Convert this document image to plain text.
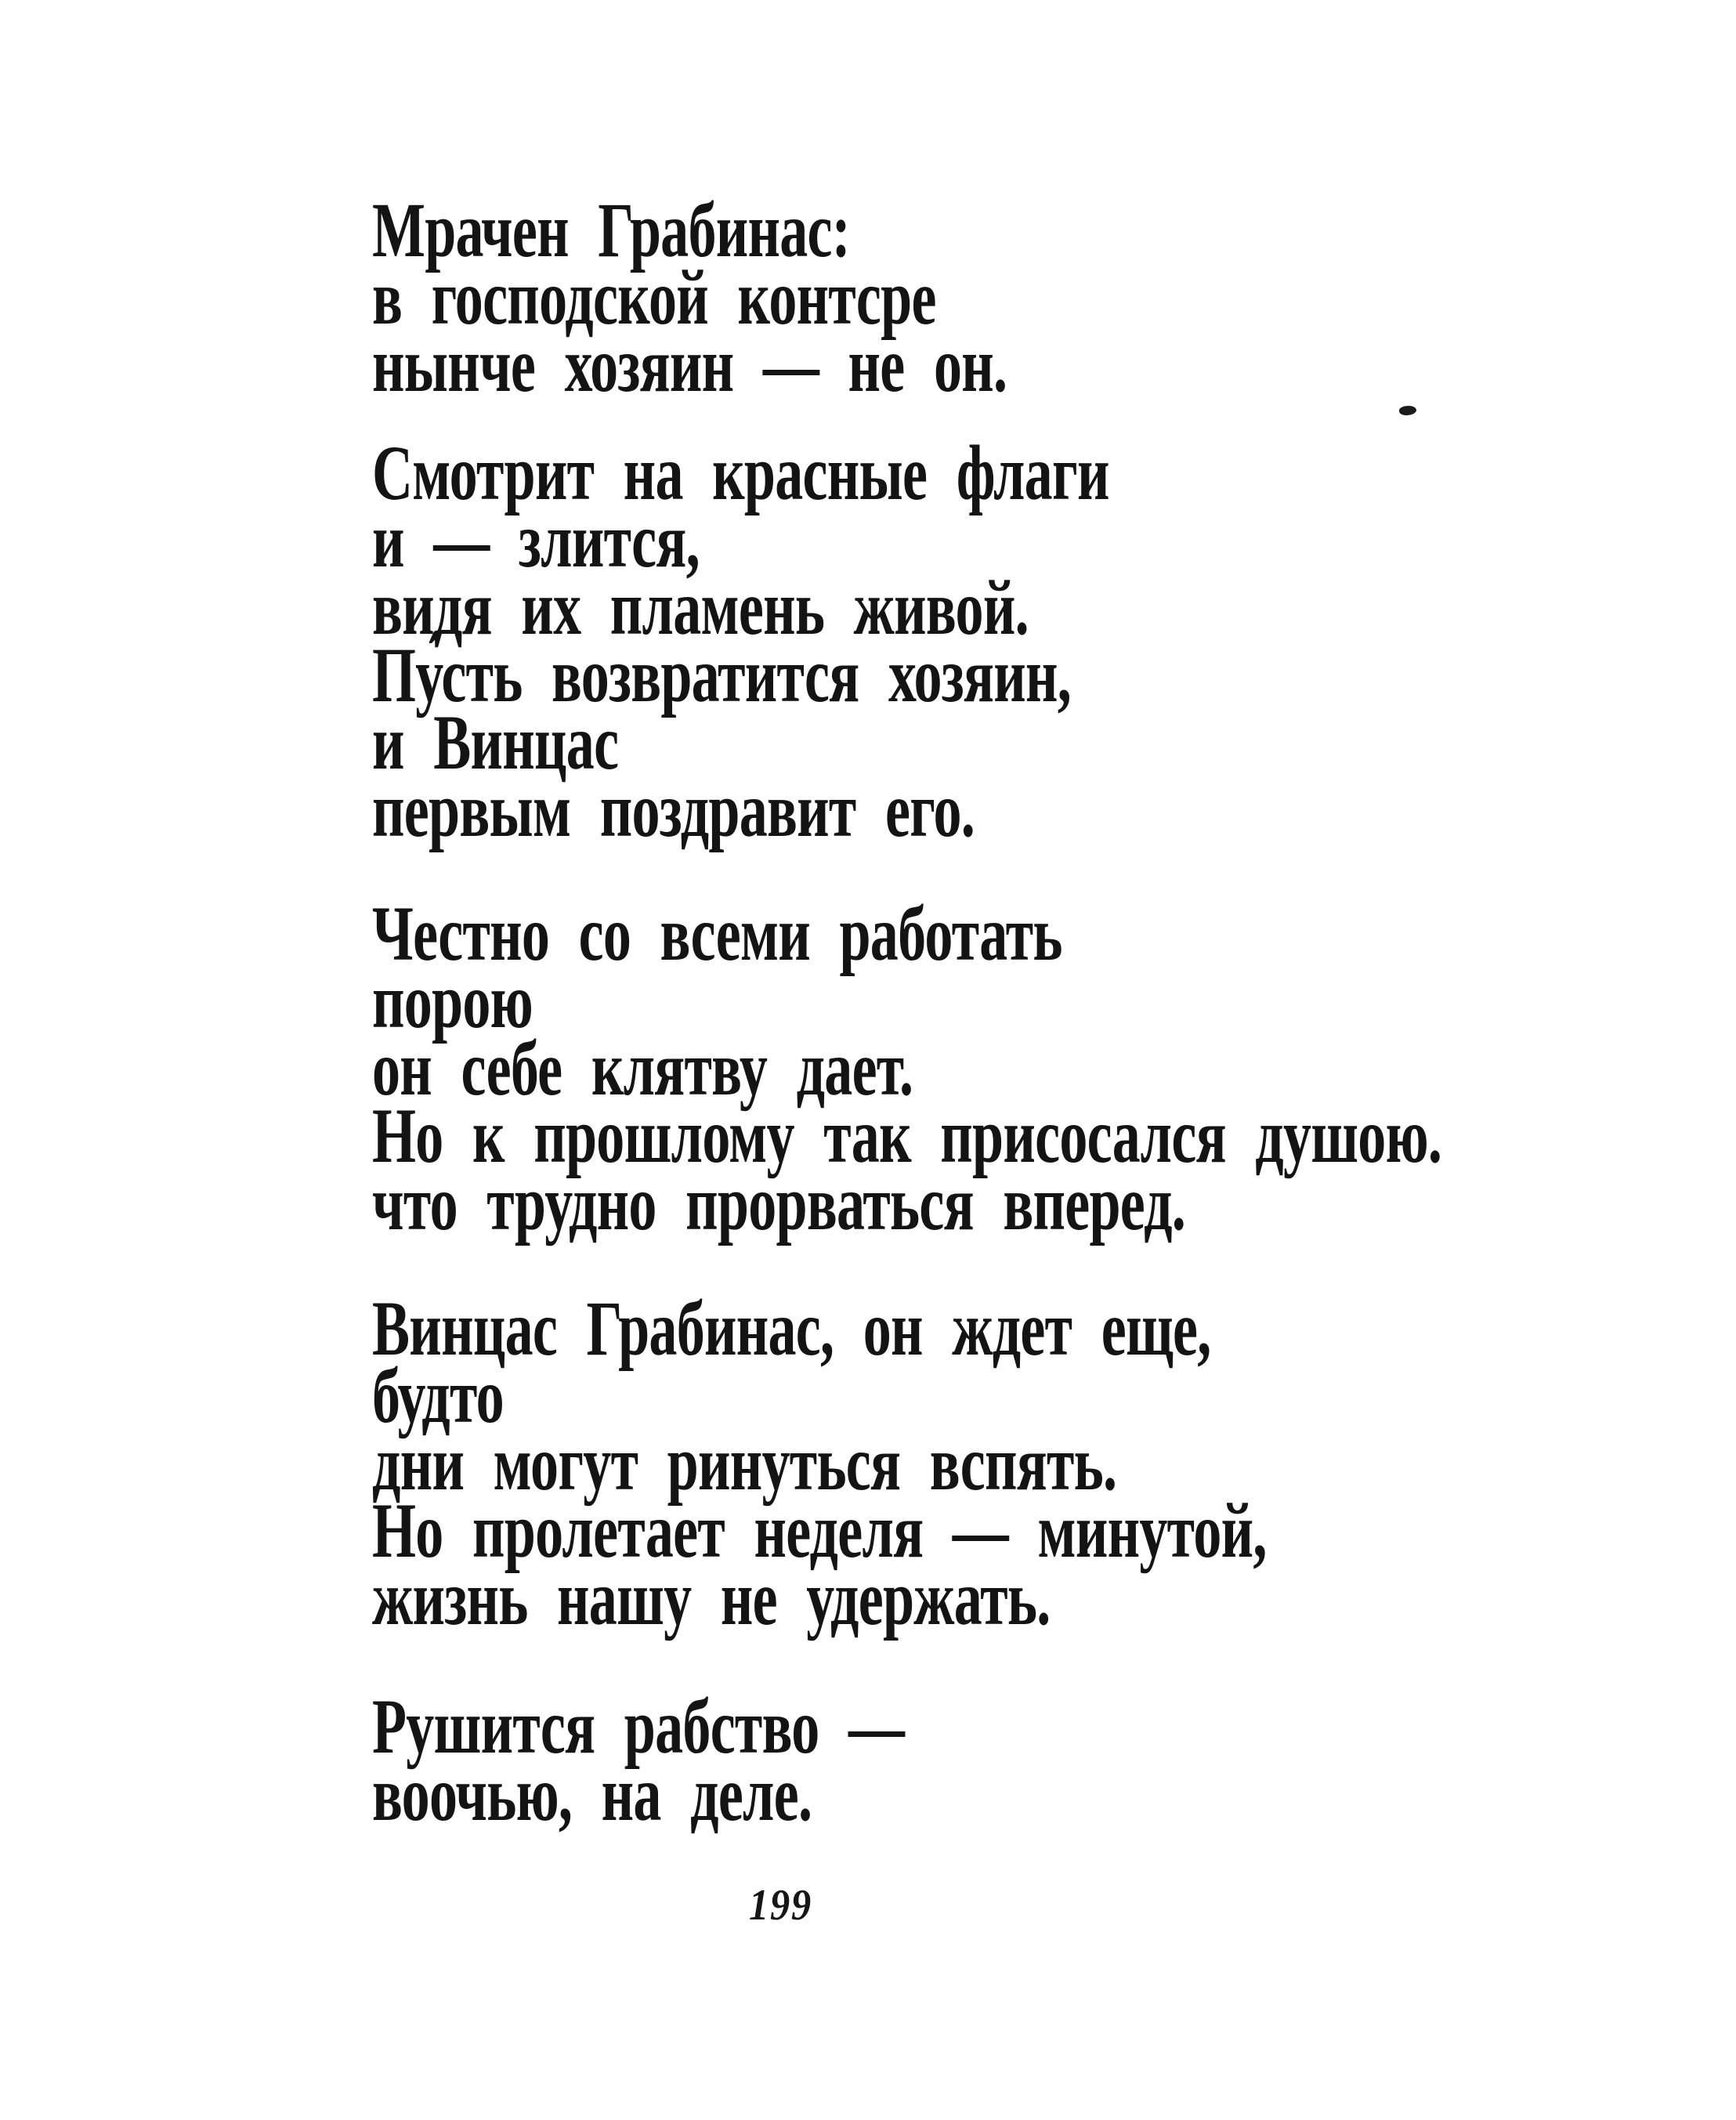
Мрачен Грабинас:
в господской контсре
нынче хозяин — не он.
Смотрит на красные флаги
и — злится,
видя их пламень живой.
Пу́сть возвратится хозяин,
и Винцас
первым поздравит его.
Честно со всеми работать
порою
он себе клятву дает.
Но к прошлому так присосался душою.
что трудно прорваться вперед.
Винцас Грабинас, он ждет еще,
будто
дни могут ринуться вспять.
Но пролетает неделя — минутой,
жизнь нашу не удержать.
Рушится рабство —
воочью, на деле.
199
